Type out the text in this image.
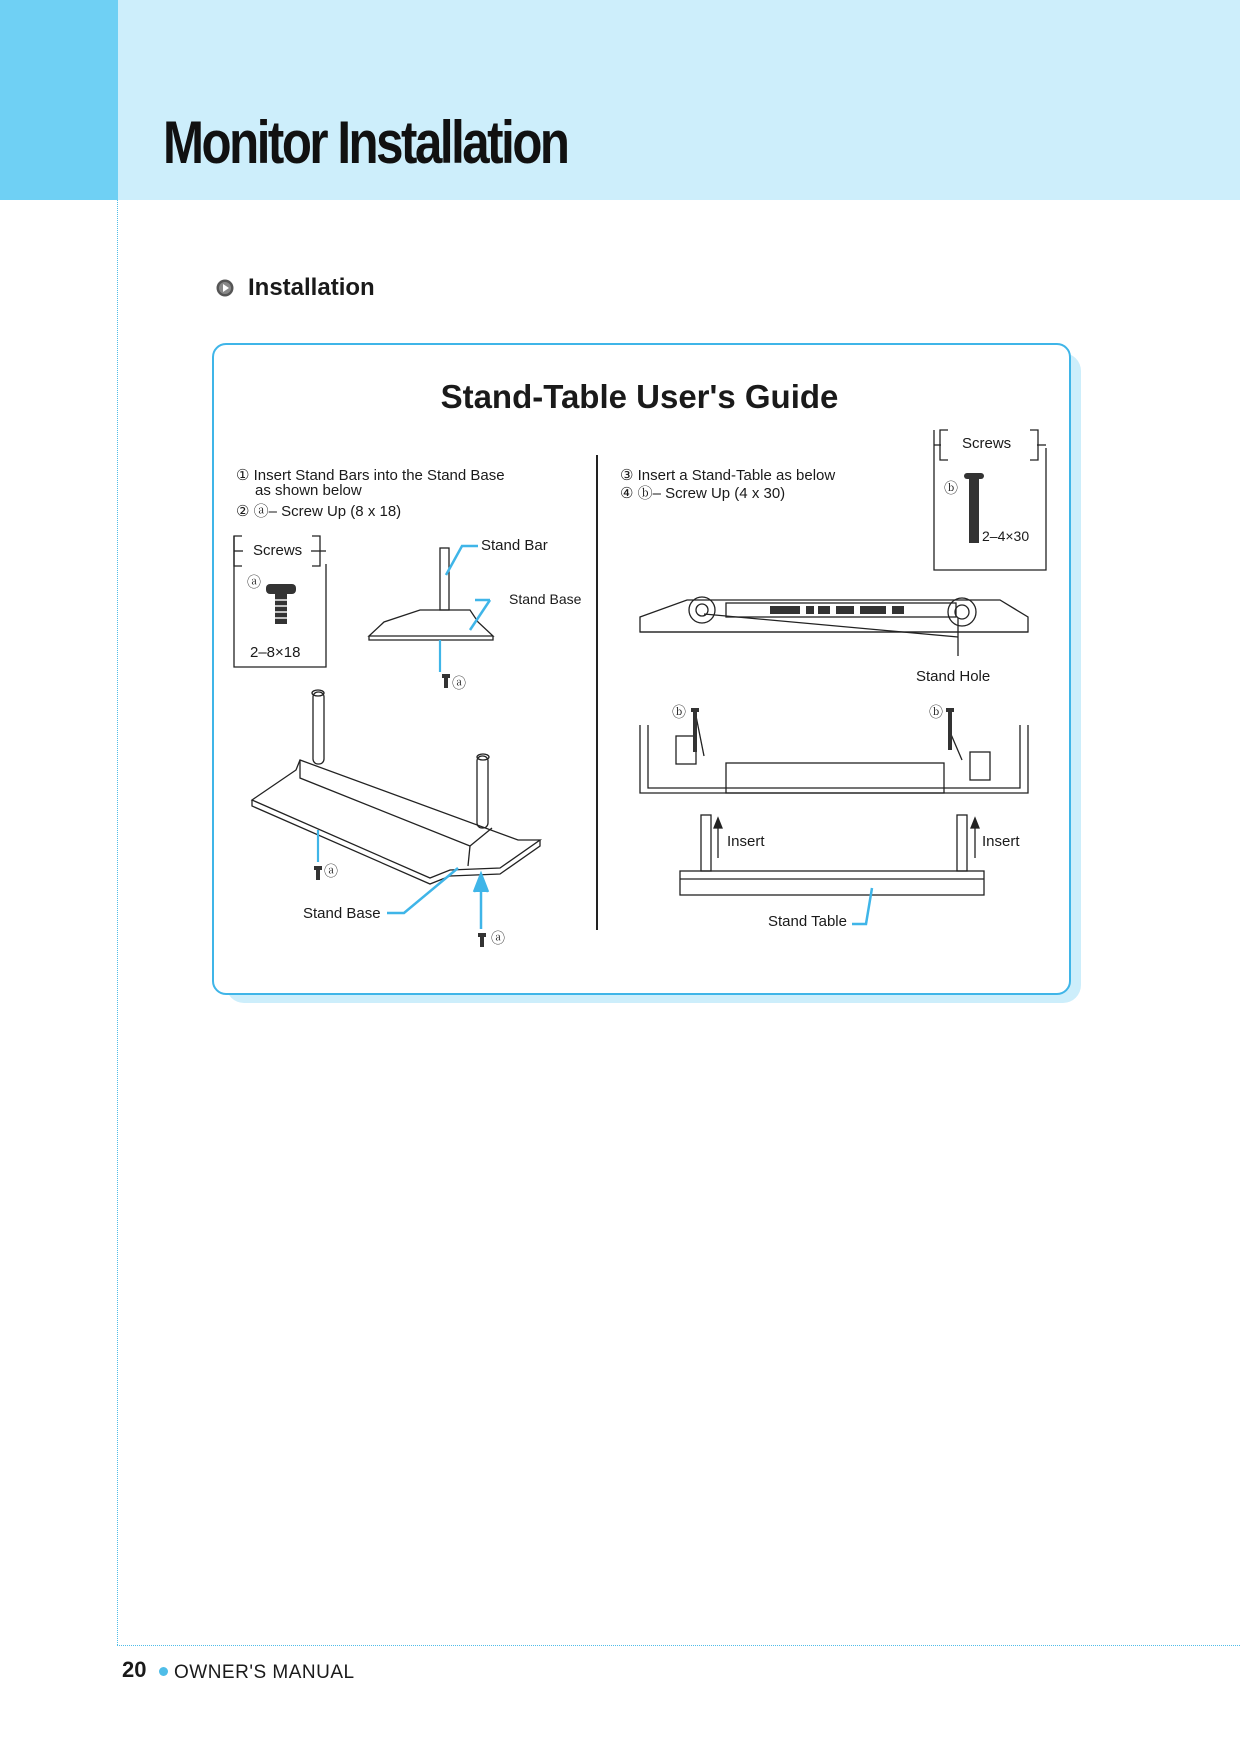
Monitor Installation
Installation
Stand-Table User's Guide
① Insert Stand Bars into the Stand Base
as shown below
② ⓐ– Screw Up (8 x 18)
③ Insert a Stand-Table as below
④ ⓑ– Screw Up (4 x 30)
Screws
ⓐ
2–8×18
Stand Bar
Stand Base
ⓐ
ⓐ
Stand Base
ⓐ
Screws
ⓑ
2–4×30
Stand Hole
ⓑ	ⓑ
Insert	Insert
Stand Table
20 OWNER'S MANUAL
